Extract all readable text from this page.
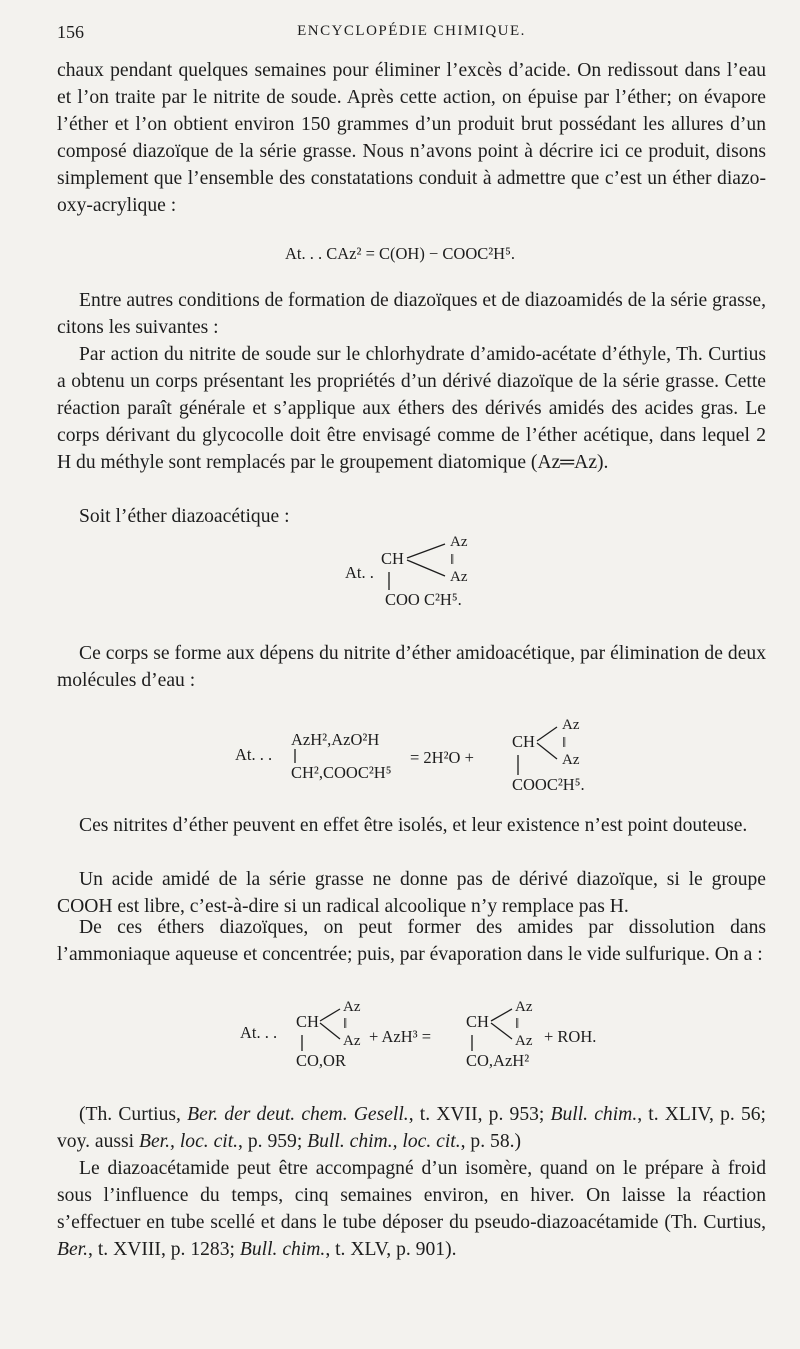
156	ENCYCLOPÉDIE CHIMIQUE.
chaux pendant quelques semaines pour éliminer l’excès d’acide. On redissout dans l’eau et l’on traite par le nitrite de soude. Après cette action, on épuise par l’éther; on évapore l’éther et l’on obtient environ 150 grammes d’un produit brut possédant les allures d’un composé diazoïque de la série grasse. Nous n’avons point à décrire ici ce produit, disons simplement que l’ensemble des constatations conduit à admettre que c’est un éther diazo-oxy-acrylique :
At. . . CAz² = C(OH) − COOC²H⁵.
Entre autres conditions de formation de diazoïques et de diazoamidés de la série grasse, citons les suivantes :
Par action du nitrite de soude sur le chlorhydrate d’amido-acétate d’éthyle, Th. Curtius a obtenu un corps présentant les propriétés d’un dérivé diazoïque de la série grasse. Cette réaction paraît générale et s’applique aux éthers des dérivés amidés des acides gras. Le corps dérivant du glycocolle doit être envisagé comme de l’éther acétique, dans lequel 2 H du méthyle sont remplacés par le groupement diatomique (Az═Az).
Soit l’éther diazoacétique :
At. .
CH
Az
‖
Az
COO C²H⁵.
Ce corps se forme aux dépens du nitrite d’éther amidoacétique, par élimination de deux molécules d’eau :
At. . .
AzH²,AzO²H
CH²,COOC²H⁵
= 2H²O +
CH
Az
‖
Az
COOC²H⁵.
Ces nitrites d’éther peuvent en effet être isolés, et leur existence n’est point douteuse.
Un acide amidé de la série grasse ne donne pas de dérivé diazoïque, si le groupe COOH est libre, c’est-à-dire si un radical alcoolique n’y remplace pas H.
De ces éthers diazoïques, on peut former des amides par dissolution dans l’ammoniaque aqueuse et concentrée; puis, par évaporation dans le vide sulfurique. On a :
At. . .
CH
Az
‖
Az + AzH³ =
CH
Az
‖
Az + ROH.
CO,OR	CO,AzH²
(Th. Curtius, Ber. der deut. chem. Gesell., t. XVII, p. 953; Bull. chim., t. XLIV, p. 56; voy. aussi Ber., loc. cit., p. 959; Bull. chim., loc. cit., p. 58.)
Le diazoacétamide peut être accompagné d’un isomère, quand on le prépare à froid sous l’influence du temps, cinq semaines environ, en hiver. On laisse la réaction s’effectuer en tube scellé et dans le tube déposer du pseudo-diazoacétamide (Th. Curtius, Ber., t. XVIII, p. 1283; Bull. chim., t. XLV, p. 901).
